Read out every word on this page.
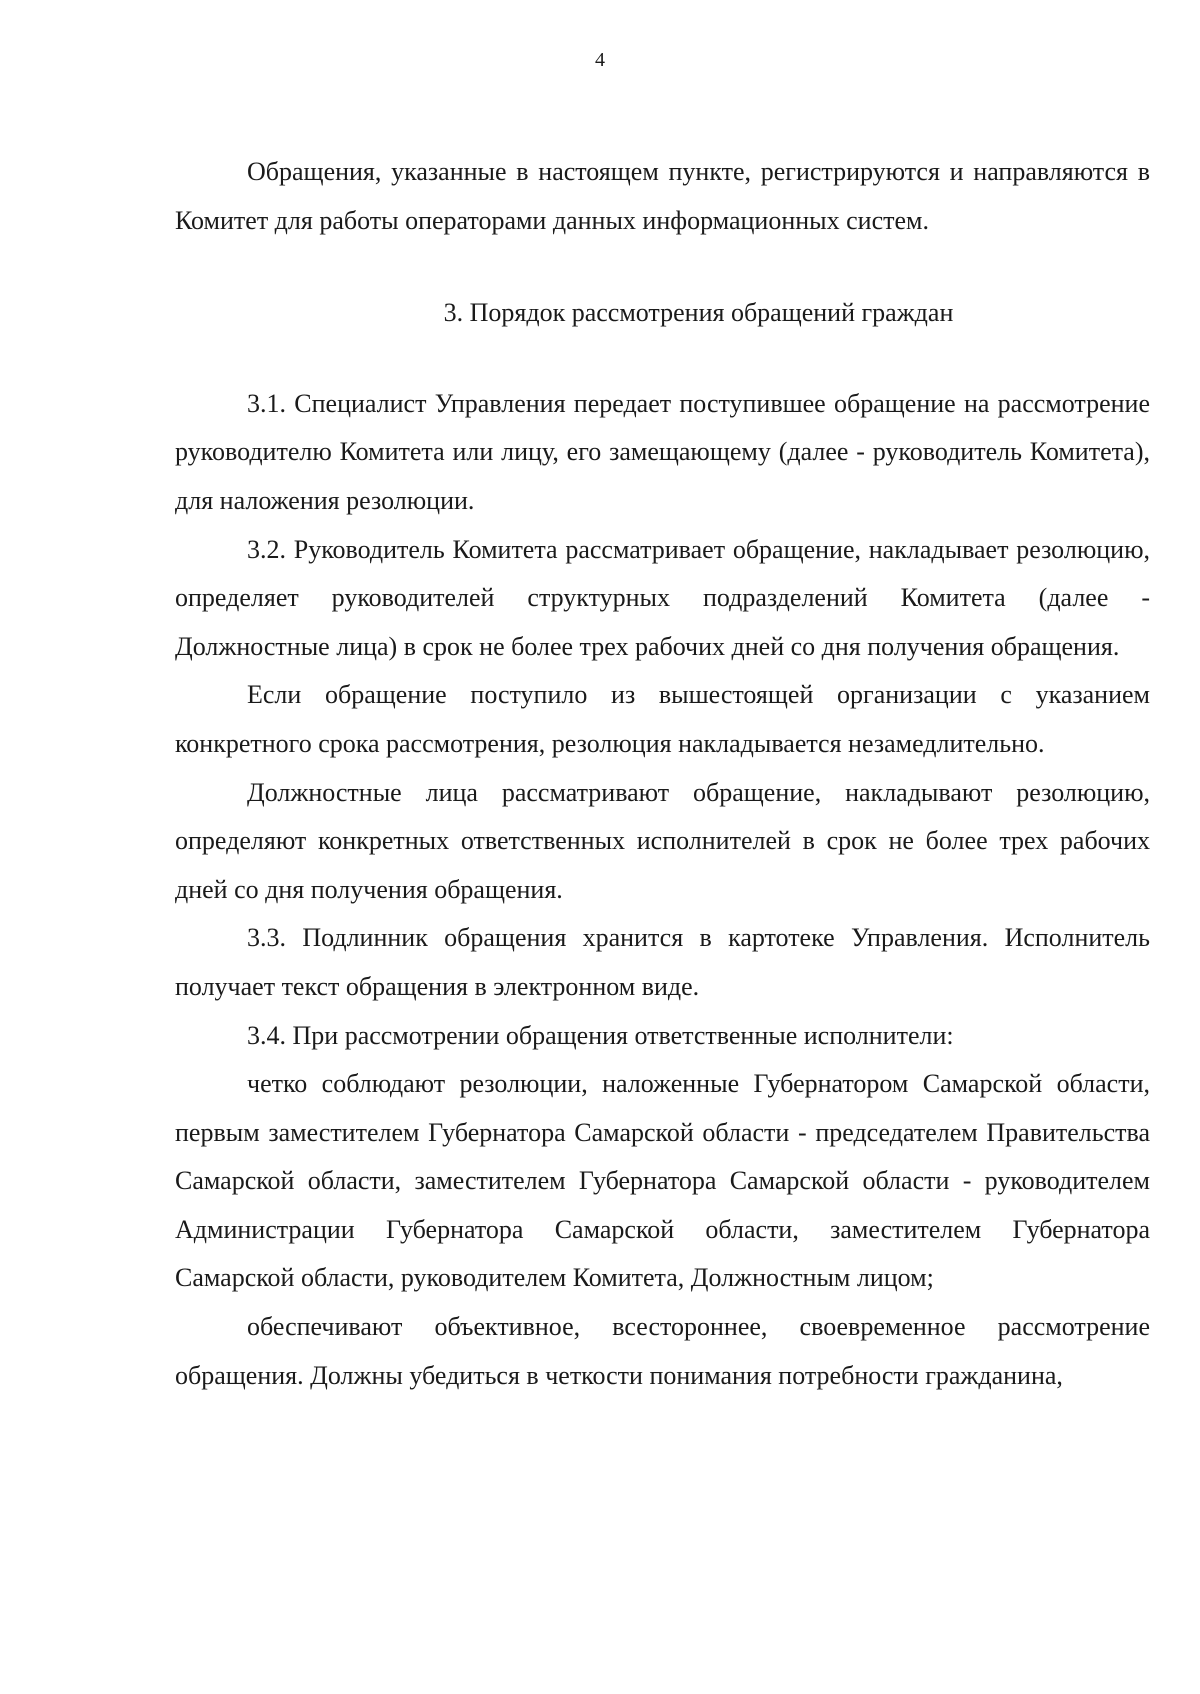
4

Обращения, указанные в настоящем пункте, регистрируются и направляются в Комитет для работы операторами данных информационных систем.

3. Порядок рассмотрения обращений граждан

3.1. Специалист Управления передает поступившее обращение на рассмотрение руководителю Комитета или лицу, его замещающему (далее - руководитель Комитета), для наложения резолюции.

3.2. Руководитель Комитета рассматривает обращение, накладывает резолюцию, определяет руководителей структурных подразделений Комитета (далее - Должностные лица) в срок не более трех рабочих дней со дня получения обращения.

Если обращение поступило из вышестоящей организации с указанием конкретного срока рассмотрения, резолюция накладывается незамедлительно.

Должностные лица рассматривают обращение, накладывают резолюцию, определяют конкретных ответственных исполнителей в срок не более трех рабочих дней со дня получения обращения.

3.3. Подлинник обращения хранится в картотеке Управления. Исполнитель получает текст обращения в электронном виде.

3.4. При рассмотрении обращения ответственные исполнители:

четко соблюдают резолюции, наложенные Губернатором Самарской области, первым заместителем Губернатора Самарской области - председателем Правительства Самарской области, заместителем Губернатора Самарской области - руководителем Администрации Губернатора Самарской области, заместителем Губернатора Самарской области, руководителем Комитета, Должностным лицом;

обеспечивают объективное, всестороннее, своевременное рассмотрение обращения. Должны убедиться в четкости понимания потребности гражданина,
